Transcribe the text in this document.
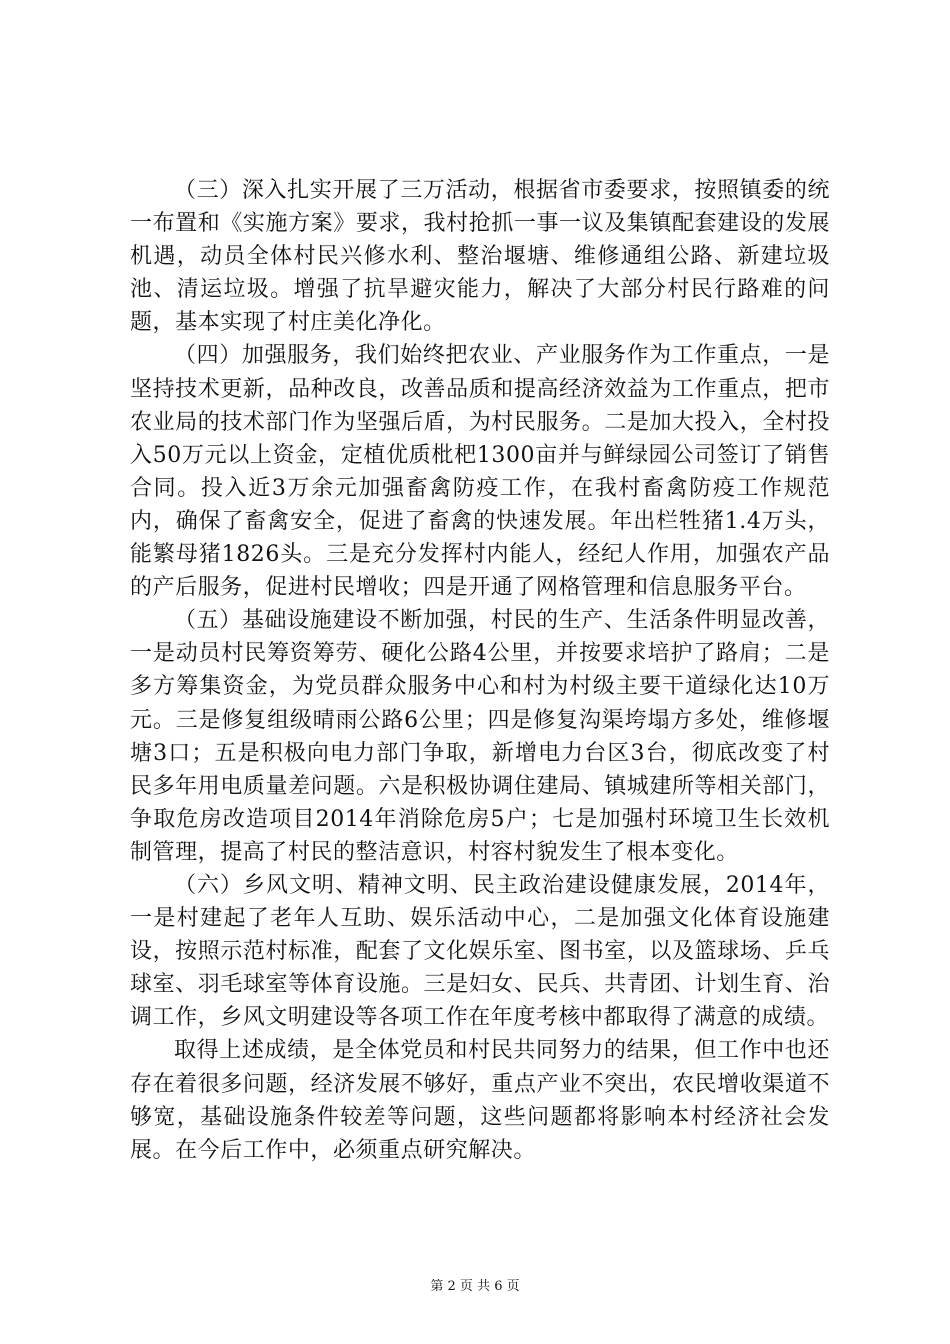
（三）深入扎实开展了三万活动，根据省市委要求，按照镇委的统一布置和《实施方案》要求，我村抢抓一事一议及集镇配套建设的发展机遇，动员全体村民兴修水利、整治堰塘、维修通组公路、新建垃圾池、清运垃圾。增强了抗旱避灾能力，解决了大部分村民行路难的问题，基本实现了村庄美化净化。

（四）加强服务，我们始终把农业、产业服务作为工作重点，一是坚持技术更新，品种改良，改善品质和提高经济效益为工作重点，把市农业局的技术部门作为坚强后盾，为村民服务。二是加大投入，全村投入50万元以上资金，定植优质枇杷1300亩并与鲜绿园公司签订了销售合同。投入近3万余元加强畜禽防疫工作，在我村畜禽防疫工作规范内，确保了畜禽安全，促进了畜禽的快速发展。年出栏牲猪1.4万头，能繁母猪1826头。三是充分发挥村内能人，经纪人作用，加强农产品的产后服务，促进村民增收；四是开通了网格管理和信息服务平台。

（五）基础设施建设不断加强，村民的生产、生活条件明显改善，一是动员村民筹资筹劳、硬化公路4公里，并按要求培护了路肩；二是多方筹集资金，为党员群众服务中心和村为村级主要干道绿化达10万元。三是修复组级晴雨公路6公里；四是修复沟渠垮塌方多处，维修堰塘3口；五是积极向电力部门争取，新增电力台区3台，彻底改变了村民多年用电质量差问题。六是积极协调住建局、镇城建所等相关部门，争取危房改造项目2014年消除危房5户；七是加强村环境卫生长效机制管理，提高了村民的整洁意识，村容村貌发生了根本变化。

（六）乡风文明、精神文明、民主政治建设健康发展，2014年，一是村建起了老年人互助、娱乐活动中心，二是加强文化体育设施建设，按照示范村标准，配套了文化娱乐室、图书室，以及篮球场、乒乓球室、羽毛球室等体育设施。三是妇女、民兵、共青团、计划生育、治调工作，乡风文明建设等各项工作在年度考核中都取得了满意的成绩。

取得上述成绩，是全体党员和村民共同努力的结果，但工作中也还存在着很多问题，经济发展不够好，重点产业不突出，农民增收渠道不够宽，基础设施条件较差等问题，这些问题都将影响本村经济社会发展。在今后工作中，必须重点研究解决。

第 2 页 共 6 页
